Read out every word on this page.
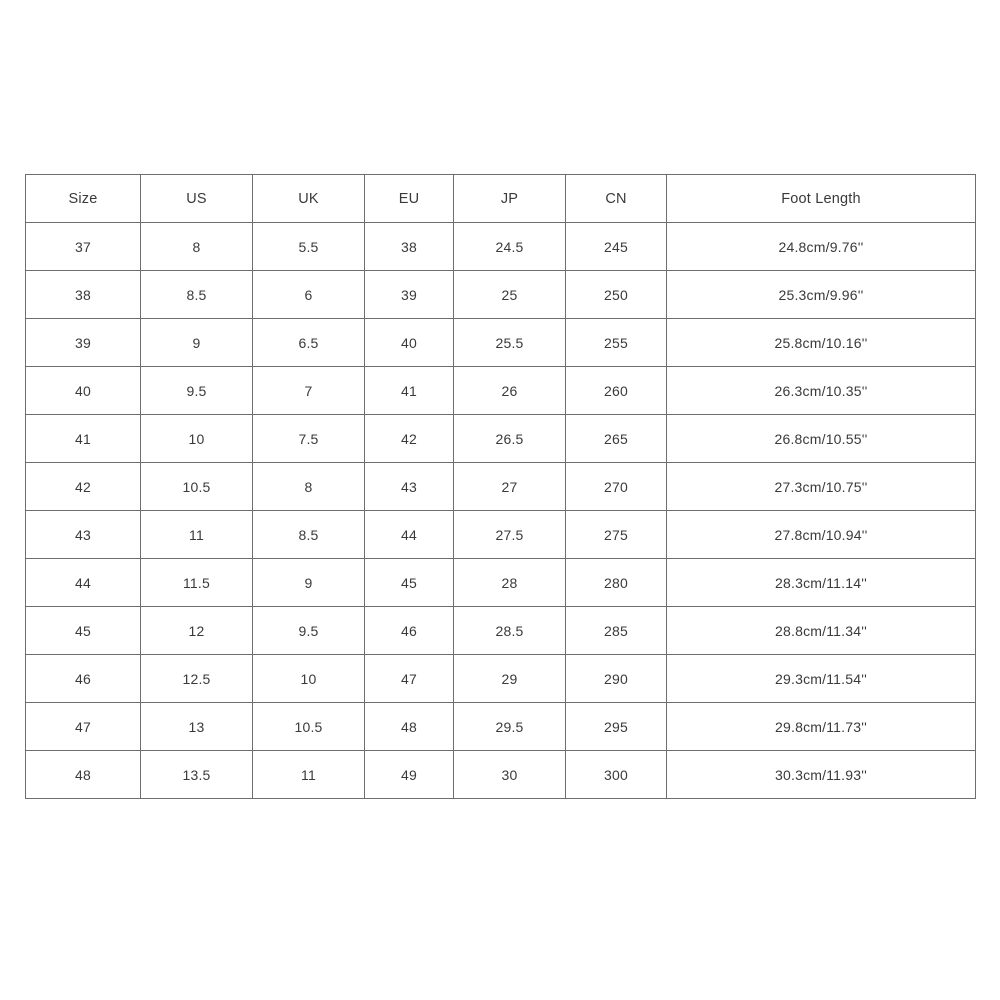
Size	US	UK	EU	JP	CN	Foot Length
37	8	5.5	38	24.5	245	24.8cm/9.76''
38	8.5	6	39	25	250	25.3cm/9.96''
39	9	6.5	40	25.5	255	25.8cm/10.16''
40	9.5	7	41	26	260	26.3cm/10.35''
41	10	7.5	42	26.5	265	26.8cm/10.55''
42	10.5	8	43	27	270	27.3cm/10.75''
43	11	8.5	44	27.5	275	27.8cm/10.94''
44	11.5	9	45	28	280	28.3cm/11.14''
45	12	9.5	46	28.5	285	28.8cm/11.34''
46	12.5	10	47	29	290	29.3cm/11.54''
47	13	10.5	48	29.5	295	29.8cm/11.73''
48	13.5	11	49	30	300	30.3cm/11.93''
